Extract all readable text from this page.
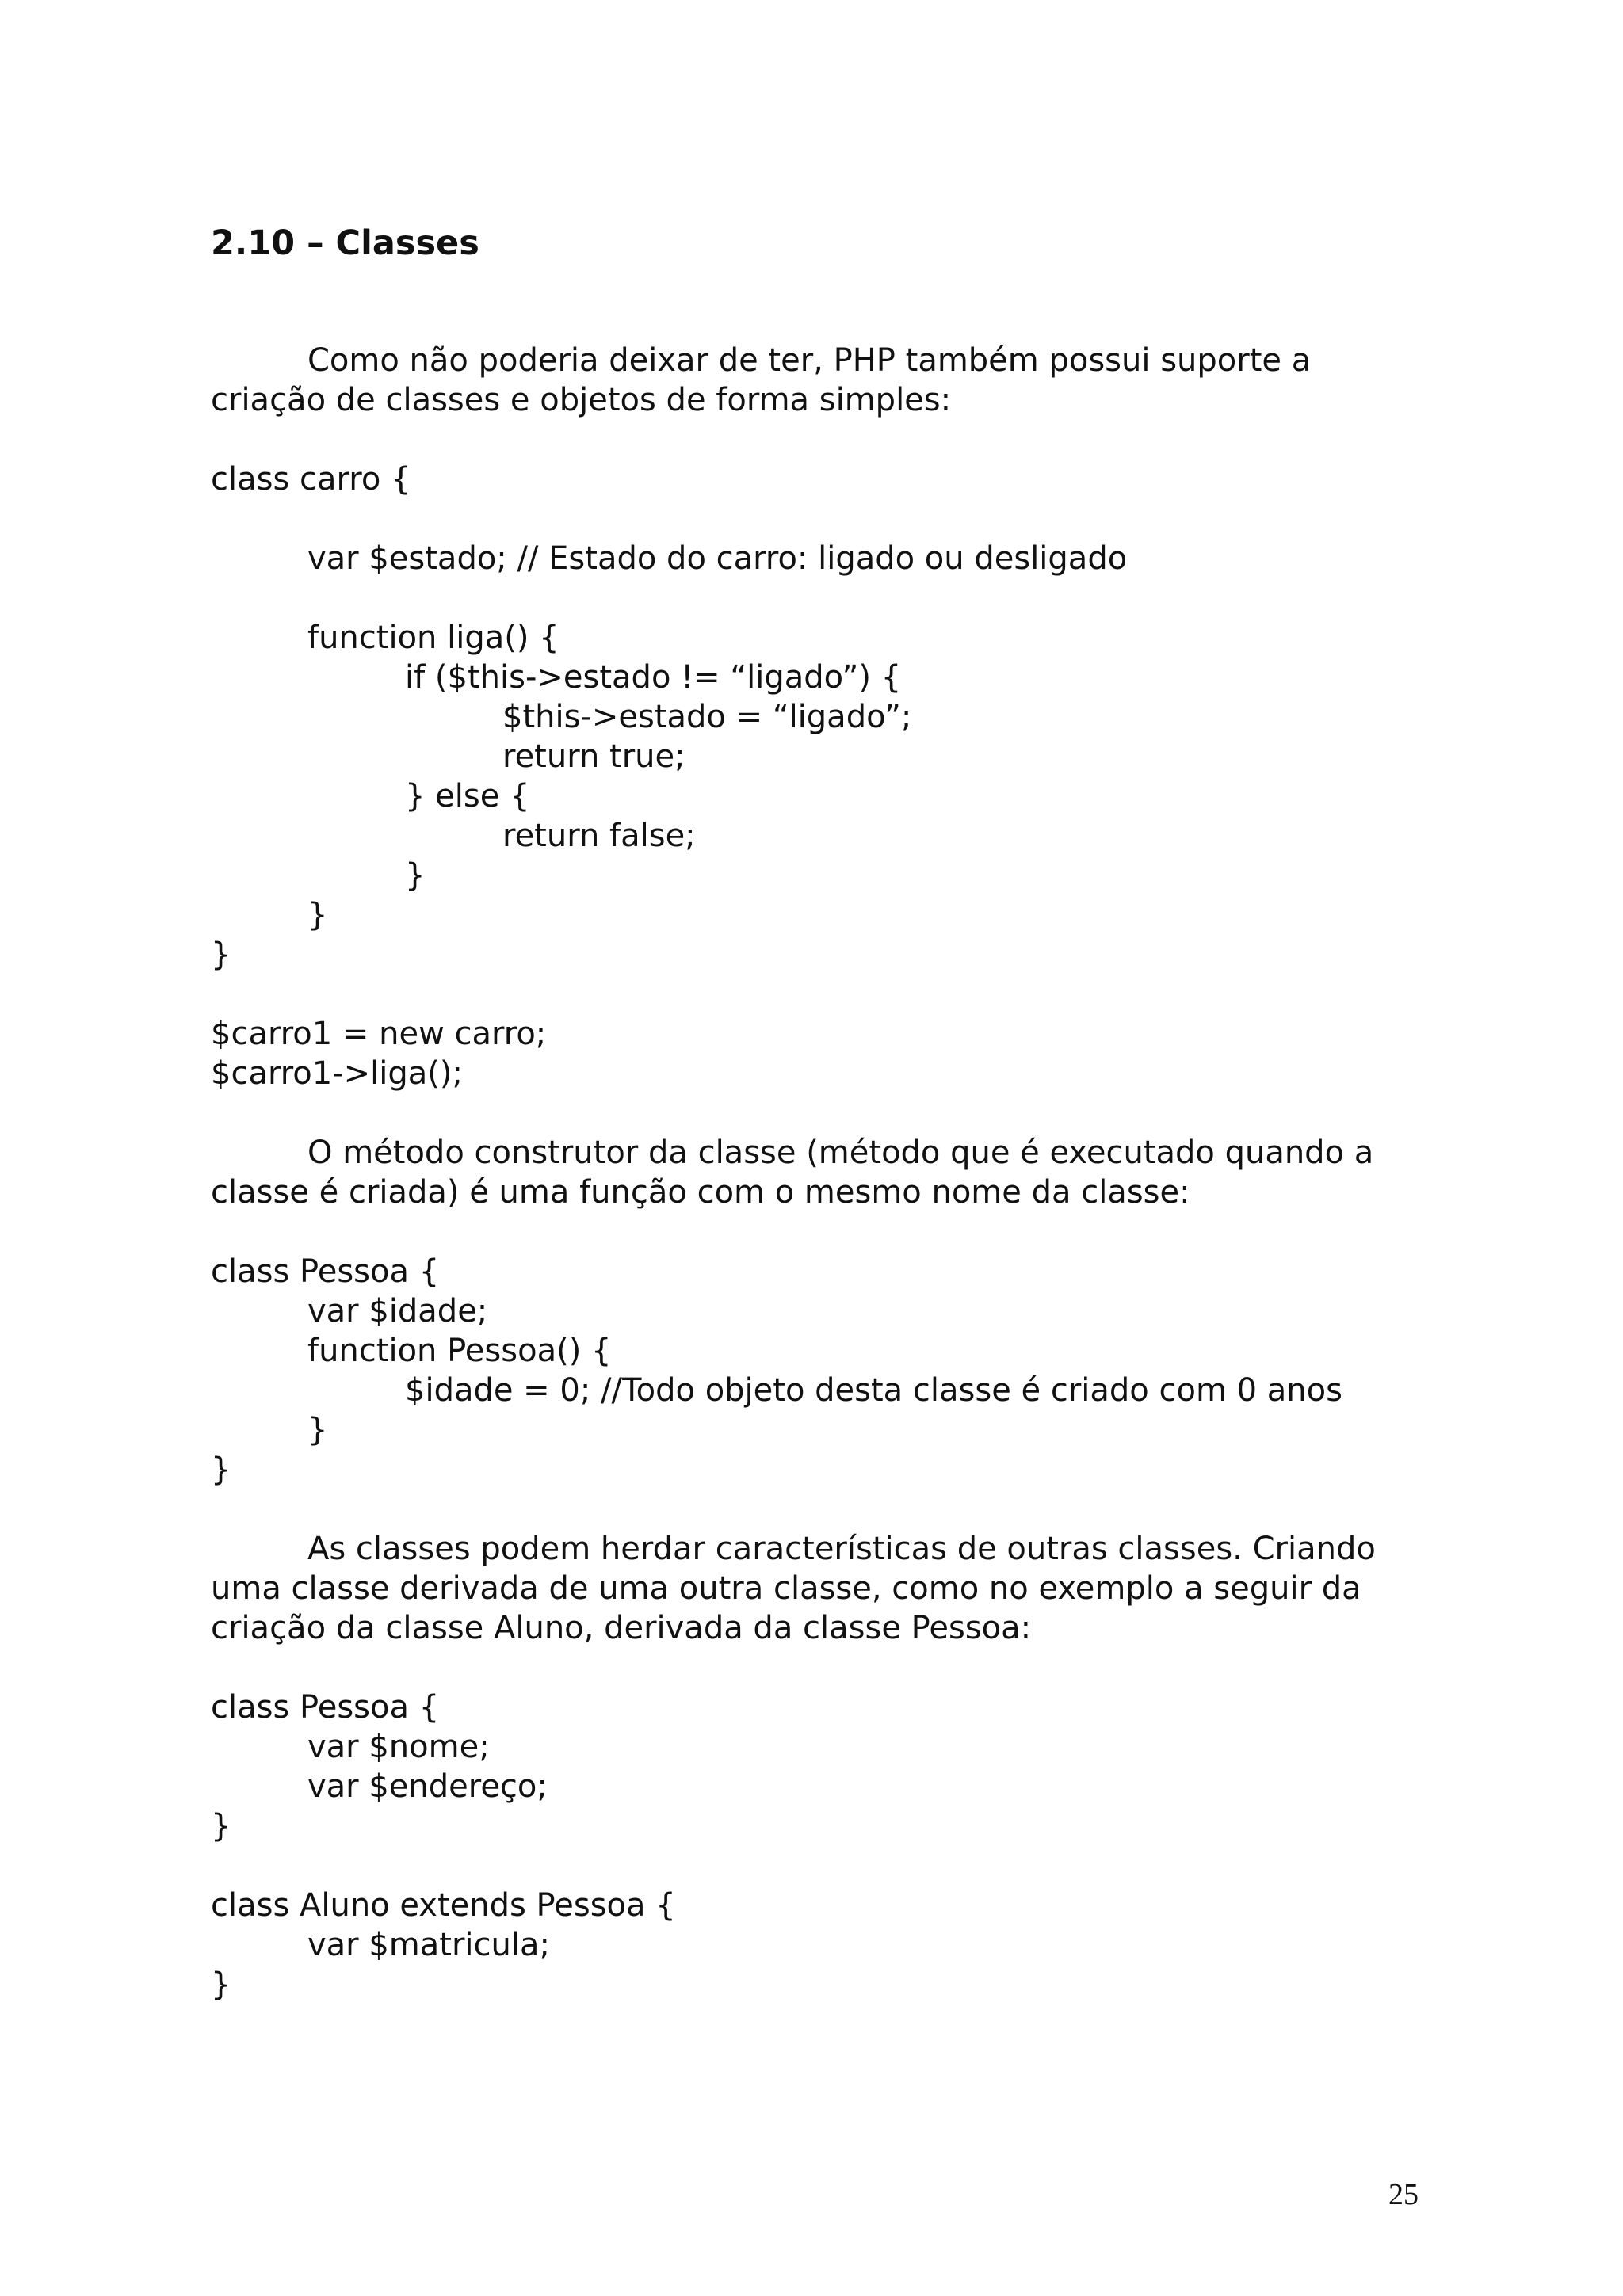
2.10 – Classes

Como não poderia deixar de ter, PHP também possui suporte a
criação de classes e objetos de forma simples:

class carro {
var $estado; // Estado do carro: ligado ou desligado
function liga() {
if ($this->estado != “ligado”) {
$this->estado = “ligado”;
return true;
} else {
return false;
}
}
}
$carro1 = new carro;
$carro1->liga();

O método construtor da classe (método que é executado quando a
classe é criada) é uma função com o mesmo nome da classe:

class Pessoa {
var $idade;
function Pessoa() {
$idade = 0; //Todo objeto desta classe é criado com 0 anos
}
}

As classes podem herdar características de outras classes. Criando
uma classe derivada de uma outra classe, como no exemplo a seguir da
criação da classe Aluno, derivada da classe Pessoa:

class Pessoa {
var $nome;
var $endereço;
}
class Aluno extends Pessoa {
var $matricula;
}
25
